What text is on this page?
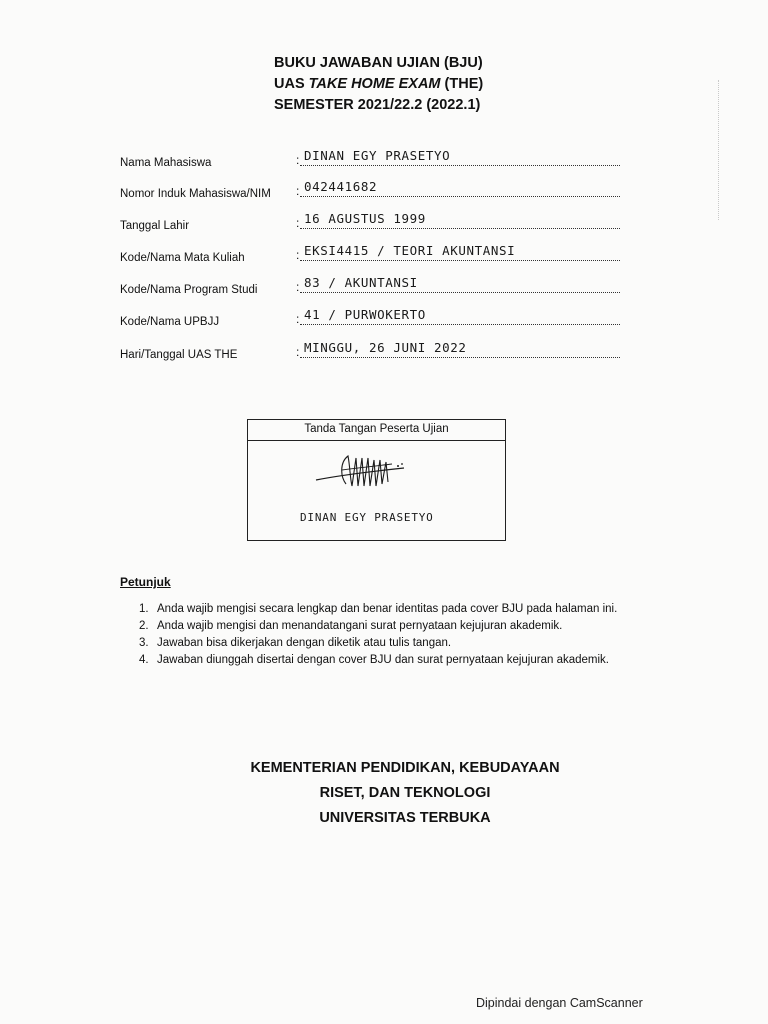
BUKU JAWABAN UJIAN (BJU)
UAS TAKE HOME EXAM (THE)
SEMESTER 2021/22.2 (2022.1)
Nama Mahasiswa	: DINAN EGY PRASETYO
Nomor Induk Mahasiswa/NIM : 042441682
Tanggal Lahir	: 16 AGUSTUS 1999
Kode/Nama Mata Kuliah	: EKSI4415 / TEORI AKUNTANSI
Kode/Nama Program Studi	: 83 / AKUNTANSI
Kode/Nama UPBJJ	: 41 / PURWOKERTO
Hari/Tanggal UAS THE	: MINGGU, 26 JUNI 2022
Tanda Tangan Peserta Ujian
DINAN EGY PRASETYO
Petunjuk
1. Anda wajib mengisi secara lengkap dan benar identitas pada cover BJU pada halaman ini.
2. Anda wajib mengisi dan menandatangani surat pernyataan kejujuran akademik.
3. Jawaban bisa dikerjakan dengan diketik atau tulis tangan.
4. Jawaban diunggah disertai dengan cover BJU dan surat pernyataan kejujuran akademik.
KEMENTERIAN PENDIDIKAN, KEBUDAYAAN
RISET, DAN TEKNOLOGI
UNIVERSITAS TERBUKA
Dipindai dengan CamScanner
